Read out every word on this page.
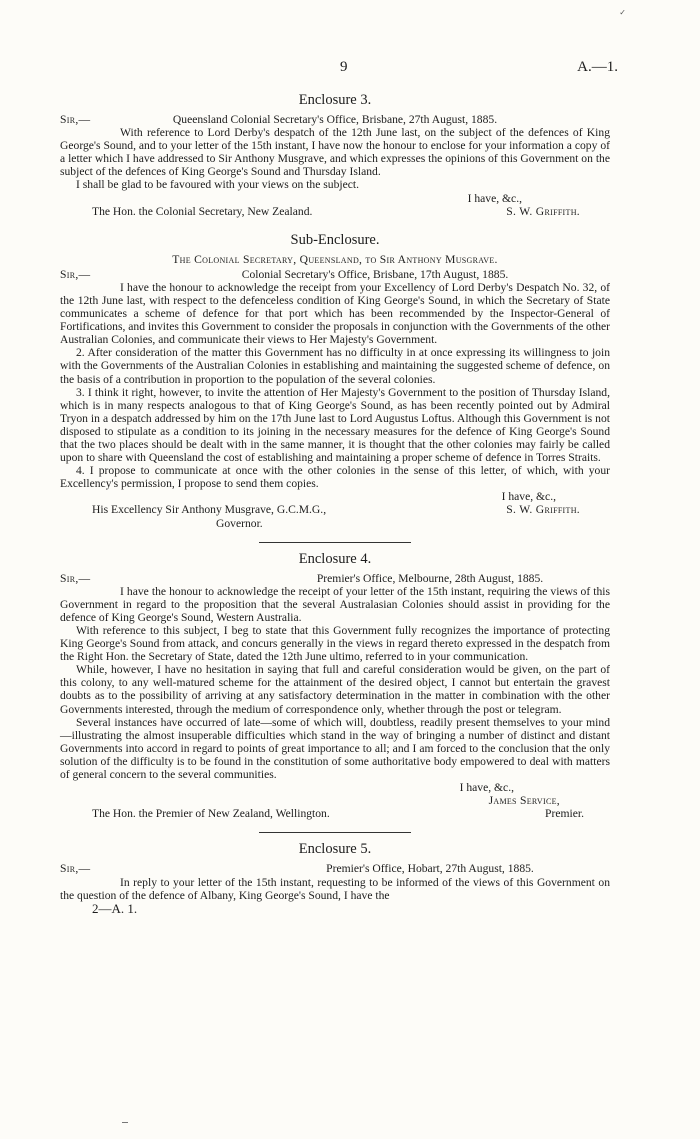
✓
9	A.—1.
Enclosure 3.
Sir,—	Queensland Colonial Secretary's Office, Brisbane, 27th August, 1885.

With reference to Lord Derby's despatch of the 12th June last, on the subject of the defences of King George's Sound, and to your letter of the 15th instant, I have now the honour to enclose for your information a copy of a letter which I have addressed to Sir Anthony Musgrave, and which expresses the opinions of this Government on the subject of the defences of King George's Sound and Thursday Island.

I shall be glad to be favoured with your views on the subject.

I have, &c.,
The Hon. the Colonial Secretary, New Zealand.	S. W. Griffith.
Sub-Enclosure.
The Colonial Secretary, Queensland, to Sir Anthony Musgrave.
Sir,—	Colonial Secretary's Office, Brisbane, 17th August, 1885.

I have the honour to acknowledge the receipt from your Excellency of Lord Derby's Despatch No. 32, of the 12th June last, with respect to the defenceless condition of King George's Sound, in which the Secretary of State communicates a scheme of defence for that port which has been recommended by the Inspector-General of Fortifications, and invites this Government to consider the proposals in conjunction with the Governments of the other Australian Colonies, and communicate their views to Her Majesty's Government.

2. After consideration of the matter this Government has no difficulty in at once expressing its willingness to join with the Governments of the Australian Colonies in establishing and maintaining the suggested scheme of defence, on the basis of a contribution in proportion to the population of the several colonies.

3. I think it right, however, to invite the attention of Her Majesty's Government to the position of Thursday Island, which is in many respects analogous to that of King George's Sound, as has been recently pointed out by Admiral Tryon in a despatch addressed by him on the 17th June last to Lord Augustus Loftus. Although this Government is not disposed to stipulate as a condition to its joining in the necessary measures for the defence of King George's Sound that the two places should be dealt with in the same manner, it is thought that the other colonies may fairly be called upon to share with Queensland the cost of establishing and maintaining a proper scheme of defence in Torres Straits.

4. I propose to communicate at once with the other colonies in the sense of this letter, of which, with your Excellency's permission, I propose to send them copies.

I have, &c.,
His Excellency Sir Anthony Musgrave, G.C.M.G.,	S. W. Griffith.
Governor.
Enclosure 4.
Sir,—	Premier's Office, Melbourne, 28th August, 1885.

I have the honour to acknowledge the receipt of your letter of the 15th instant, requiring the views of this Government in regard to the proposition that the several Australasian Colonies should assist in providing for the defence of King George's Sound, Western Australia.

With reference to this subject, I beg to state that this Government fully recognizes the importance of protecting King George's Sound from attack, and concurs generally in the views in regard thereto expressed in the despatch from the Right Hon. the Secretary of State, dated the 12th June ultimo, referred to in your communication.

While, however, I have no hesitation in saying that full and careful consideration would be given, on the part of this colony, to any well-matured scheme for the attainment of the desired object, I cannot but entertain the gravest doubts as to the possibility of arriving at any satisfactory determination in the matter in combination with the other Governments interested, through the medium of correspondence only, whether through the post or telegram.

Several instances have occurred of late—some of which will, doubtless, readily present themselves to your mind—illustrating the almost insuperable difficulties which stand in the way of bringing a number of distinct and distant Governments into accord in regard to points of great importance to all; and I am forced to the conclusion that the only solution of the difficulty is to be found in the constitution of some authoritative body empowered to deal with matters of general concern to the several communities.

I have, &c.,
James Service,
The Hon. the Premier of New Zealand, Wellington.	Premier.
Enclosure 5.
Sir,—	Premier's Office, Hobart, 27th August, 1885.

In reply to your letter of the 15th instant, requesting to be informed of the views of this Government on the question of the defence of Albany, King George's Sound, I have the

2—A. 1.
